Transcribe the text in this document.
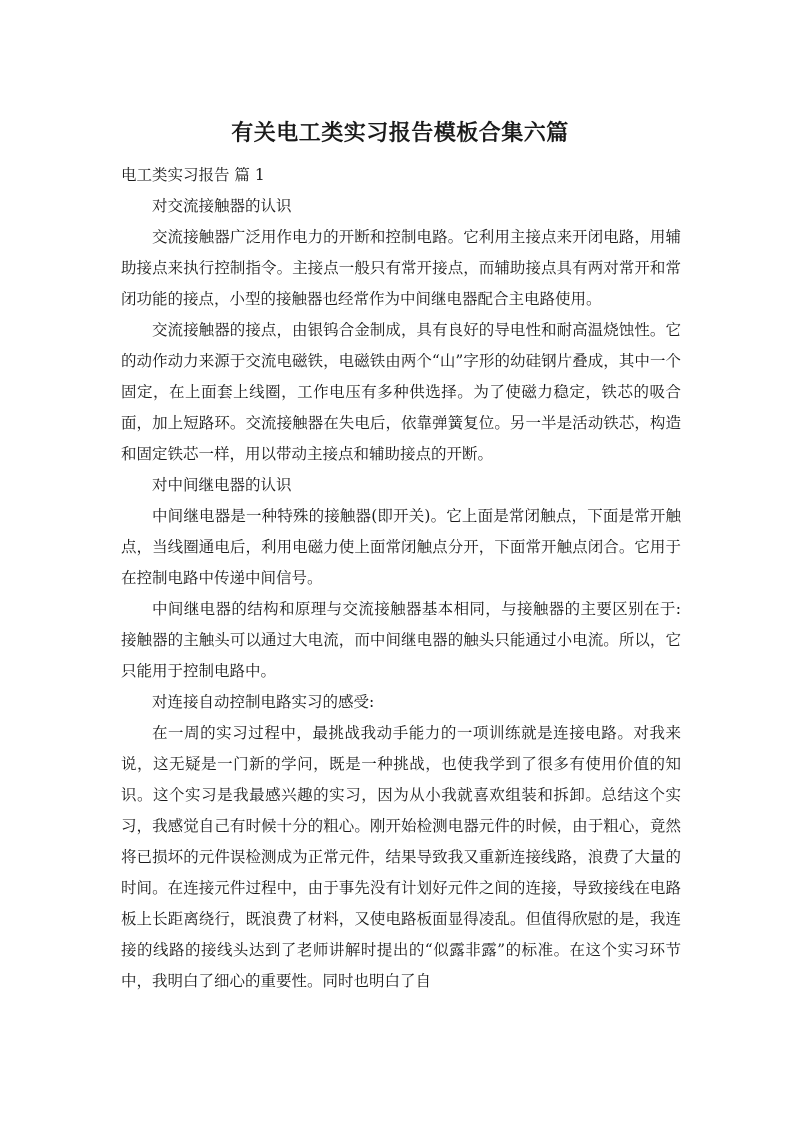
有关电工类实习报告模板合集六篇

电工类实习报告 篇 1

对交流接触器的认识

交流接触器广泛用作电力的开断和控制电路。它利用主接点来开闭电路，用辅助接点来执行控制指令。主接点一般只有常开接点，而辅助接点具有两对常开和常闭功能的接点，小型的接触器也经常作为中间继电器配合主电路使用。

交流接触器的接点，由银钨合金制成，具有良好的导电性和耐高温烧蚀性。它的动作动力来源于交流电磁铁，电磁铁由两个“山”字形的幼硅钢片叠成，其中一个固定，在上面套上线圈，工作电压有多种供选择。为了使磁力稳定，铁芯的吸合面，加上短路环。交流接触器在失电后，依靠弹簧复位。另一半是活动铁芯，构造和固定铁芯一样，用以带动主接点和辅助接点的开断。

对中间继电器的认识

中间继电器是一种特殊的接触器(即开关)。它上面是常闭触点，下面是常开触点，当线圈通电后，利用电磁力使上面常闭触点分开，下面常开触点闭合。它用于在控制电路中传递中间信号。

中间继电器的结构和原理与交流接触器基本相同，与接触器的主要区别在于:接触器的主触头可以通过大电流，而中间继电器的触头只能通过小电流。所以，它只能用于控制电路中。

对连接自动控制电路实习的感受:

在一周的实习过程中，最挑战我动手能力的一项训练就是连接电路。对我来说，这无疑是一门新的学问，既是一种挑战，也使我学到了很多有使用价值的知识。这个实习是我最感兴趣的实习，因为从小我就喜欢组装和拆卸。总结这个实习，我感觉自己有时候十分的粗心。刚开始检测电器元件的时候，由于粗心，竟然将已损坏的元件误检测成为正常元件，结果导致我又重新连接线路，浪费了大量的时间。在连接元件过程中，由于事先没有计划好元件之间的连接，导致接线在电路板上长距离绕行，既浪费了材料，又使电路板面显得凌乱。但值得欣慰的是，我连接的线路的接线头达到了老师讲解时提出的“似露非露”的标准。在这个实习环节中，我明白了细心的重要性。同时也明白了自
